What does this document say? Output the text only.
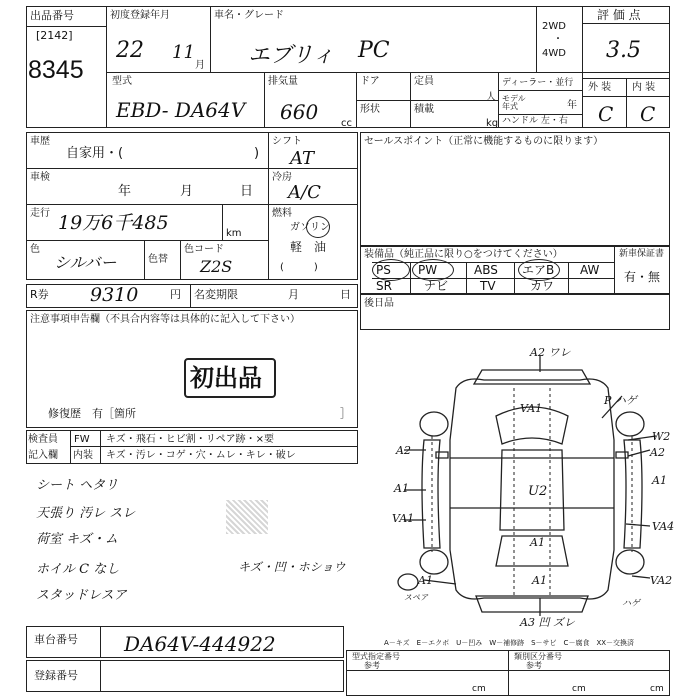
出品番号
[2142]
8345
初度登録年月
22 11
月
車名・グレード
エブリィ PC
2WD
・
4WD
評 価 点
3.5
型式
EBD- DA64V
排気量
660 cc
ドア	定員
人
形状	積載
kg
ディーラー・並行
モデル年式	年
ハンドル 左・右
外 装 内 装
C C
車歴
自家用・(	)
車検
年	月	日
走行 19万6千485	km
色
シルバー	色替
色コード
Z2S
シフト
AT
冷房
A/C
燃料
ガソリン
軽　油
(　　　)
R券 9310	円 名変期限	月	日
注意事項申告欄（不具合内容等は具体的に記入して下さい）
初出品
修復歴　有［箇所	］
検査員
記入欄
FW キズ・飛石・ヒビ割・リペア跡・×要
内装 キズ・汚レ・コゲ・穴・ムレ・キレ・破レ
シート ヘタリ
天張り 汚レ スレ
荷室 キズ・ム
ホイル C なし
スタッドレスア
キズ・凹・ホショウ
セールスポイント（正常に機能するものに限ります）
装備品（純正品に限り○をつけてください）	新車保証書
有・無
PS PW	ABS エアB AW
SR	ナビ	TV	カワ
後日品
A2 ワレ
P ハゲ
VA1
W2
A2
A2
A1
A1	U2
VA1
VA4
A1
A1	A1	VA2
スペア
ハゲ
A3 凹 ズレ
A－キズ　E－エクボ　U－凹み　W－補修跡　S－サビ　C－腐食　XX－交換済
車台番号 DA64V-444922
登録番号
型式指定番号
参考
類別区分番号
参考
cm	cm	cm
